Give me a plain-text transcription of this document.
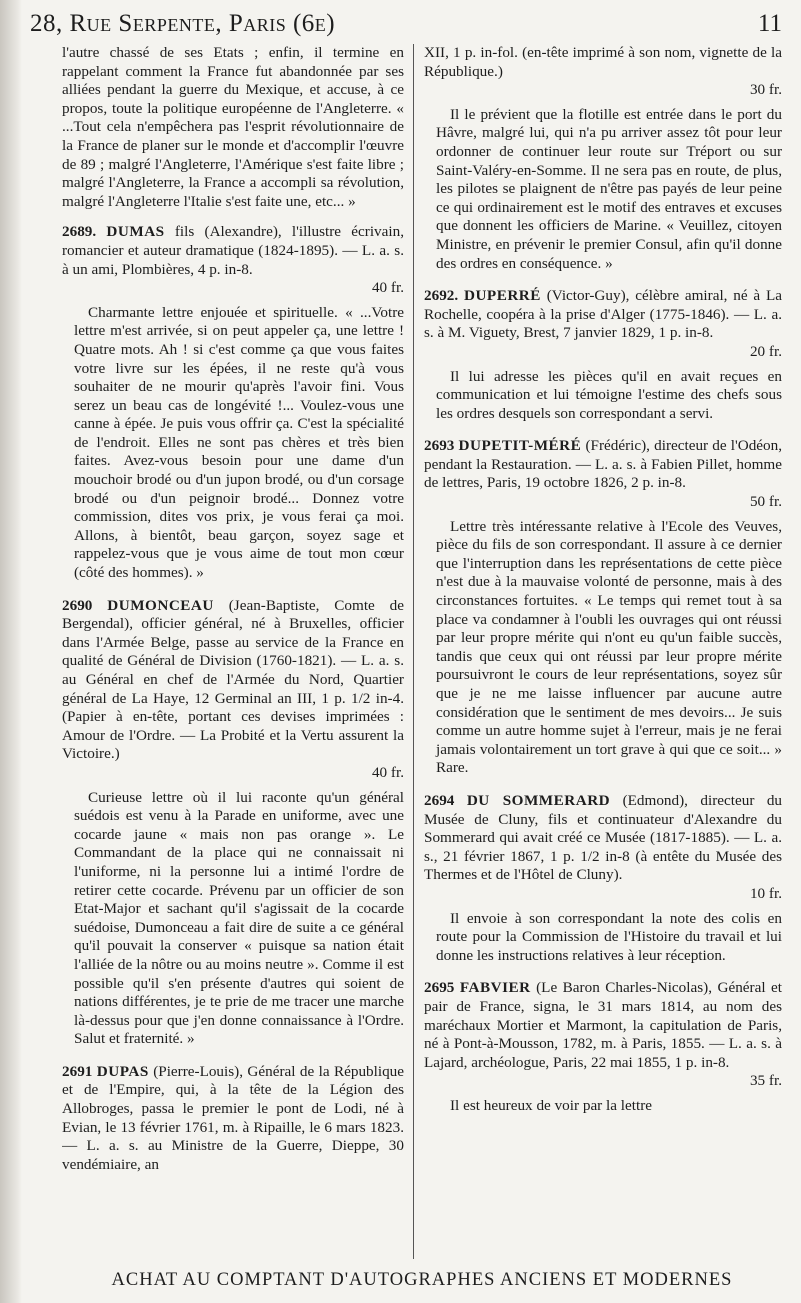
28, Rue Serpente, Paris (6e)	11

l'autre chassé de ses Etats ; enfin, il termine en rappelant comment la France fut abandonnée par ses alliées pendant la guerre du Mexique, et accuse, à ce propos, toute la politique européenne de l'Angleterre. « ...Tout cela n'empêchera pas l'esprit révolutionnaire de la France de planer sur le monde et d'accomplir l'œuvre de 89 ; malgré l'Angleterre, l'Amérique s'est faite libre ; malgré l'Angleterre, la France a accompli sa révolution, malgré l'Angleterre l'Italie s'est faite une, etc... »

2689. DUMAS fils (Alexandre), l'illustre écrivain, romancier et auteur dramatique (1824-1895). — L. a. s. à un ami, Plombières, 4 p. in-8.

40 fr.

Charmante lettre enjouée et spirituelle. « ...Votre lettre m'est arrivée, si on peut appeler ça, une lettre ! Quatre mots. Ah ! si c'est comme ça que vous faites votre livre sur les épées, il ne reste qu'à vous souhaiter de ne mourir qu'après l'avoir fini. Vous serez un beau cas de longévité !... Voulez-vous une canne à épée. Je puis vous offrir ça. C'est la spécialité de l'endroit. Elles ne sont pas chères et très bien faites. Avez-vous besoin pour une dame d'un mouchoir brodé ou d'un jupon brodé, ou d'un corsage brodé ou d'un peignoir brodé... Donnez votre commission, dites vos prix, je vous ferai ça moi. Allons, à bientôt, beau garçon, soyez sage et rappelez-vous que je vous aime de tout mon cœur (côté des hommes). »

2690 DUMONCEAU (Jean-Baptiste, Comte de Bergendal), officier général, né à Bruxelles, officier dans l'Armée Belge, passe au service de la France en qualité de Général de Division (1760-1821). — L. a. s. au Général en chef de l'Armée du Nord, Quartier général de La Haye, 12 Germinal an III, 1 p. 1/2 in-4. (Papier à en-tête, portant ces devises imprimées : Amour de l'Ordre. — La Probité et la Vertu assurent la Victoire.)

40 fr.

Curieuse lettre où il lui raconte qu'un général suédois est venu à la Parade en uniforme, avec une cocarde jaune « mais non pas orange ». Le Commandant de la place qui ne connaissait ni l'uniforme, ni la personne lui a intimé l'ordre de retirer cette cocarde. Prévenu par un officier de son Etat-Major et sachant qu'il s'agissait de la cocarde suédoise, Dumonceau a fait dire de suite a ce général qu'il pouvait la conserver « puisque sa nation était l'alliée de la nôtre ou au moins neutre ». Comme il est possible qu'il s'en présente d'autres qui soient de nations différentes, je te prie de me tracer une marche là-dessus pour que j'en donne connaissance à l'Ordre. Salut et fraternité. »

2691 DUPAS (Pierre-Louis), Général de la République et de l'Empire, qui, à la tête de la Légion des Allobroges, passa le premier le pont de Lodi, né à Evian, le 13 février 1761, m. à Ripaille, le 6 mars 1823. — L. a. s. au Ministre de la Guerre, Dieppe, 30 vendémiaire, an

XII, 1 p. in-fol. (en-tête imprimé à son nom, vignette de la République.)

30 fr.

Il le prévient que la flotille est entrée dans le port du Hâvre, malgré lui, qui n'a pu arriver assez tôt pour leur ordonner de continuer leur route sur Tréport ou sur Saint-Valéry-en-Somme. Il ne sera pas en route, de plus, les pilotes se plaignent de n'être pas payés de leur peine ce qui ordinairement est le motif des entraves et excuses que donnent les officiers de Marine. « Veuillez, citoyen Ministre, en prévenir le premier Consul, afin qu'il donne des ordres en conséquence. »

2692. DUPERRÉ (Victor-Guy), célèbre amiral, né à La Rochelle, coopéra à la prise d'Alger (1775-1846). — L. a. s. à M. Viguety, Brest, 7 janvier 1829, 1 p. in-8.

20 fr.

Il lui adresse les pièces qu'il en avait reçues en communication et lui témoigne l'estime des chefs sous les ordres desquels son correspondant a servi.

2693 DUPETIT-MÉRÉ (Frédéric), directeur de l'Odéon, pendant la Restauration. — L. a. s. à Fabien Pillet, homme de lettres, Paris, 19 octobre 1826, 2 p. in-8.

50 fr.

Lettre très intéressante relative à l'Ecole des Veuves, pièce du fils de son correspondant. Il assure à ce dernier que l'interruption dans les représentations de cette pièce n'est due à la mauvaise volonté de personne, mais à des circonstances fortuites. « Le temps qui remet tout à sa place va condamner à l'oubli les ouvrages qui ont réussi par leur propre mérite qui n'ont eu qu'un faible succès, tandis que ceux qui ont réussi par leur propre mérite poursuivront le cours de leur représentations, soyez sûr que je ne me laisse influencer par aucune autre considération que le sentiment de mes devoirs... Je suis comme un autre homme sujet à l'erreur, mais je ne ferai jamais volontairement un tort grave à qui que ce soit... » Rare.

2694 DU SOMMERARD (Edmond), directeur du Musée de Cluny, fils et continuateur d'Alexandre du Sommerard qui avait créé ce Musée (1817-1885). — L. a. s., 21 février 1867, 1 p. 1/2 in-8 (à entête du Musée des Thermes et de l'Hôtel de Cluny).

10 fr.

Il envoie à son correspondant la note des colis en route pour la Commission de l'Histoire du travail et lui donne les instructions relatives à leur réception.

2695 FABVIER (Le Baron Charles-Nicolas), Général et pair de France, signa, le 31 mars 1814, au nom des maréchaux Mortier et Marmont, la capitulation de Paris, né à Pont-à-Mousson, 1782, m. à Paris, 1855. — L. a. s. à Lajard, archéologue, Paris, 22 mai 1855, 1 p. in-8.

35 fr.

Il est heureux de voir par la lettre

ACHAT AU COMPTANT D'AUTOGRAPHES ANCIENS ET MODERNES
